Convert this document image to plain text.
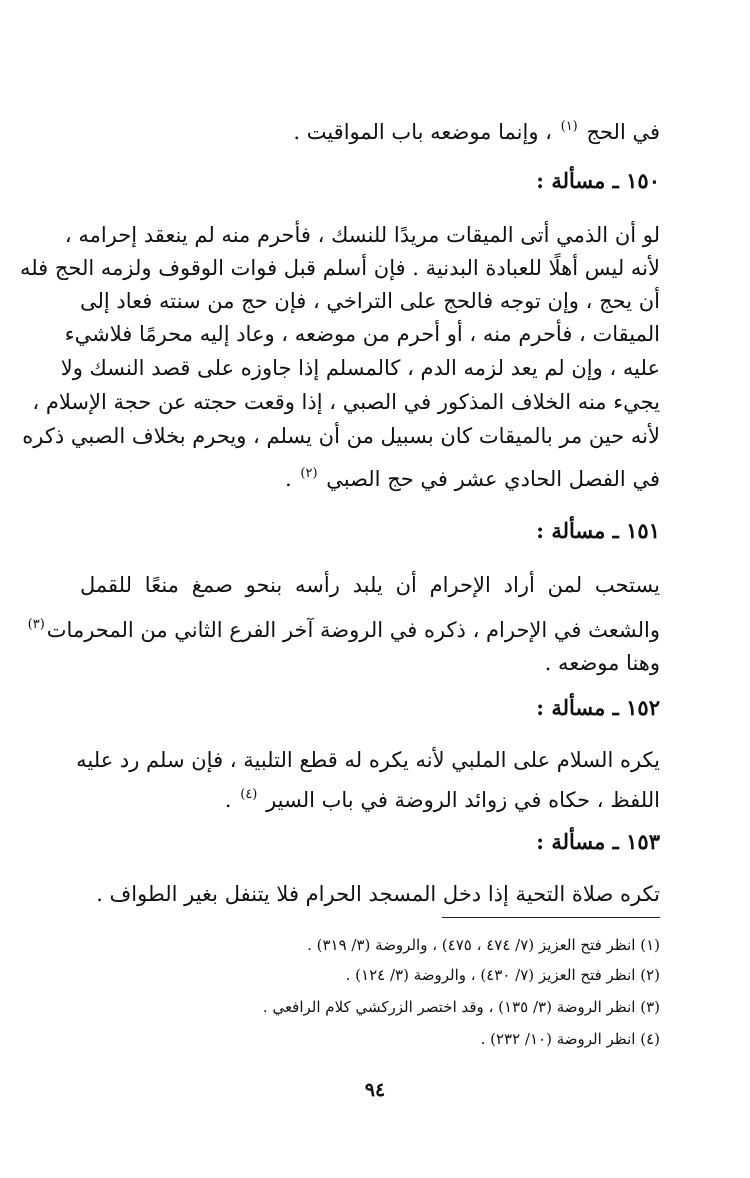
في الحج $^{(١)}$ ، وإنما موضعه باب المواقيت .
١٥٠ ـ مسألة :
لو أن الذمي أتى الميقات مريدًا للنسك ، فأحرم منه لم ينعقد إحرامه ،
لأنه ليس أهلًا للعبادة البدنية . فإن أسلم قبل فوات الوقوف ولزمه الحج فله
أن يحج ، وإن توجه فالحج على التراخي ، فإن حج من سنته فعاد إلى
الميقات ، فأحرم منه ، أو أحرم من موضعه ، وعاد إليه محرمًا فلاشيء
عليه ، وإن لم يعد لزمه الدم ، كالمسلم إذا جاوزه على قصد النسك ولا
يجيء منه الخلاف المذكور في الصبي ، إذا وقعت حجته عن حجة الإسلام ،
لأنه حين مر بالميقات كان بسبيل من أن يسلم ، ويحرم بخلاف الصبي ذكره
في الفصل الحادي عشر في حج الصبي $^{(٢)}$ .
١٥١ ـ مسألة :
يستحب لمن أراد الإحرام أن يلبد رأسه بنحو صمغ منعًا للقمل
والشعث في الإحرام ، ذكره في الروضة آخر الفرع الثاني من المحرمات$^{(٣)}$
وهنا موضعه .
١٥٢ ـ مسألة :
يكره السلام على الملبي لأنه يكره له قطع التلبية ، فإن سلم رد عليه
اللفظ ، حكاه في زوائد الروضة في باب السير $^{(٤)}$ .
١٥٣ ـ مسألة :
تكره صلاة التحية إذا دخل المسجد الحرام فلا يتنفل بغير الطواف .
(١) انظر فتح العزيز (٧/ ٤٧٤ ، ٤٧٥) ، والروضة (٣/ ٣١٩) .
(٢) انظر فتح العزيز (٧/ ٤٣٠) ، والروضة (٣/ ١٢٤) .
(٣) انظر الروضة (٣/ ١٣٥) ، وقد اختصر الزركشي كلام الرافعي .
(٤) انظر الروضة (١٠/ ٢٣٢) .
٩٤
